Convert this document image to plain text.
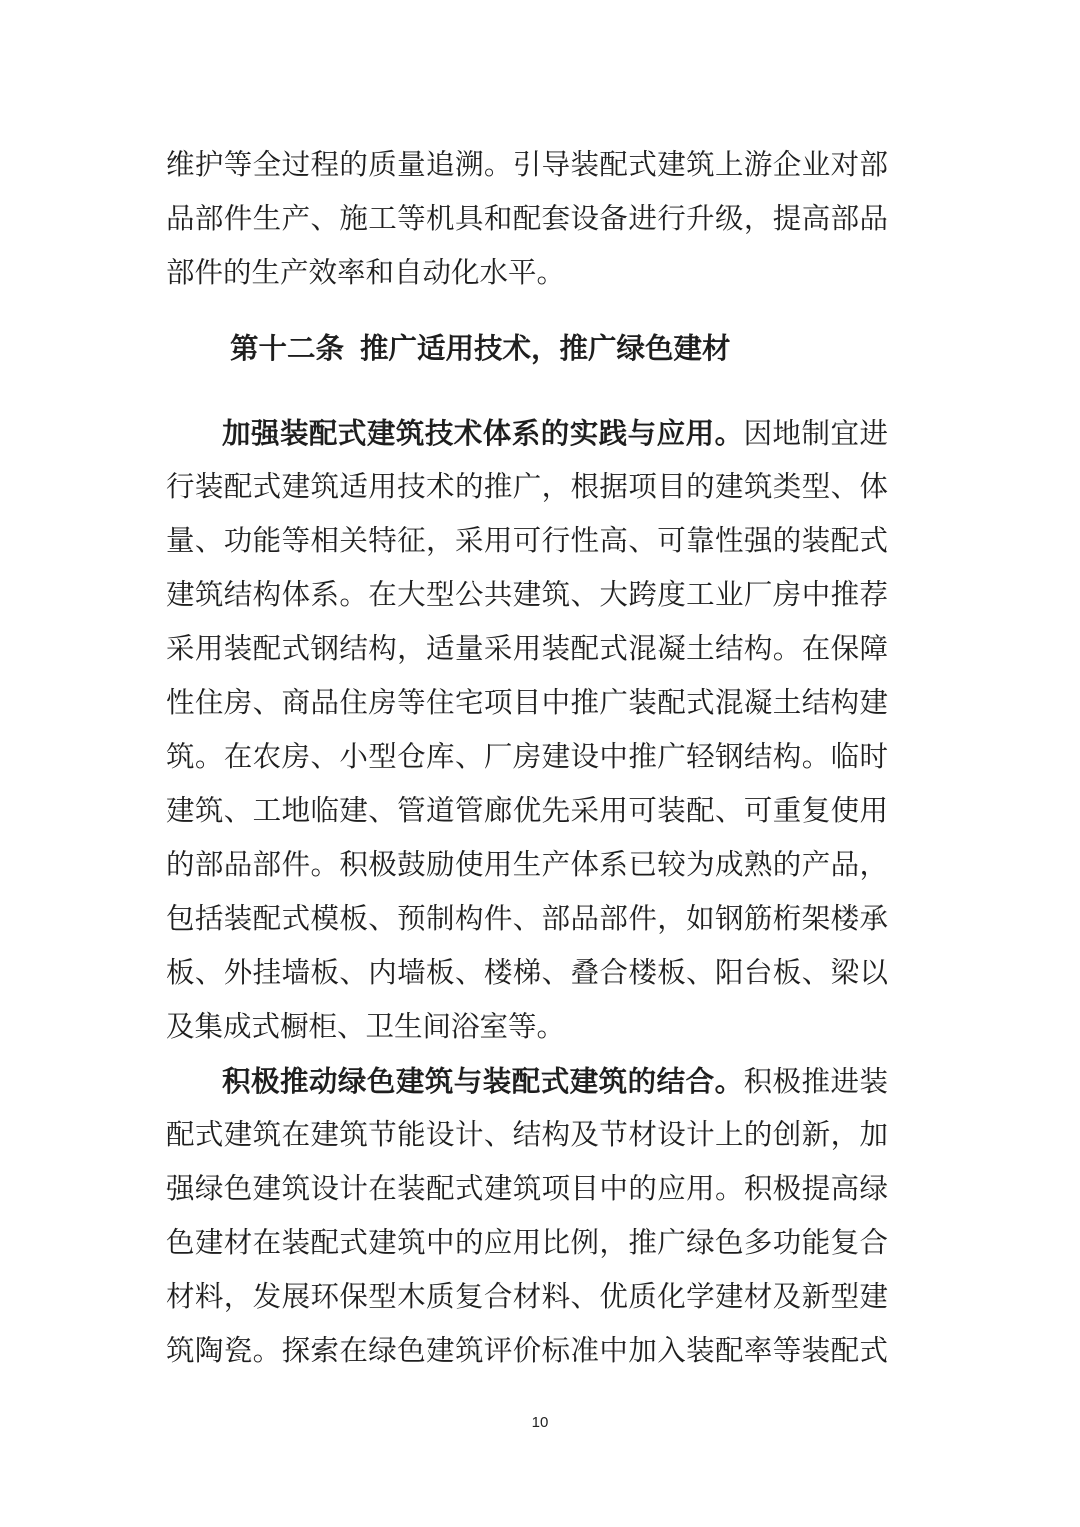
维护等全过程的质量追溯。引导装配式建筑上游企业对部
品部件生产、施工等机具和配套设备进行升级，提高部品
部件的生产效率和自动化水平。
第十二条 推广适用技术，推广绿色建材
加强装配式建筑技术体系的实践与应用。因地制宜进
行装配式建筑适用技术的推广，根据项目的建筑类型、体
量、功能等相关特征，采用可行性高、可靠性强的装配式
建筑结构体系。在大型公共建筑、大跨度工业厂房中推荐
采用装配式钢结构，适量采用装配式混凝土结构。在保障
性住房、商品住房等住宅项目中推广装配式混凝土结构建
筑。在农房、小型仓库、厂房建设中推广轻钢结构。临时
建筑、工地临建、管道管廊优先采用可装配、可重复使用
的部品部件。积极鼓励使用生产体系已较为成熟的产品，
包括装配式模板、预制构件、部品部件，如钢筋桁架楼承
板、外挂墙板、内墙板、楼梯、叠合楼板、阳台板、梁以
及集成式橱柜、卫生间浴室等。
积极推动绿色建筑与装配式建筑的结合。积极推进装
配式建筑在建筑节能设计、结构及节材设计上的创新，加
强绿色建筑设计在装配式建筑项目中的应用。积极提高绿
色建材在装配式建筑中的应用比例，推广绿色多功能复合
材料，发展环保型木质复合材料、优质化学建材及新型建
筑陶瓷。探索在绿色建筑评价标准中加入装配率等装配式
10
